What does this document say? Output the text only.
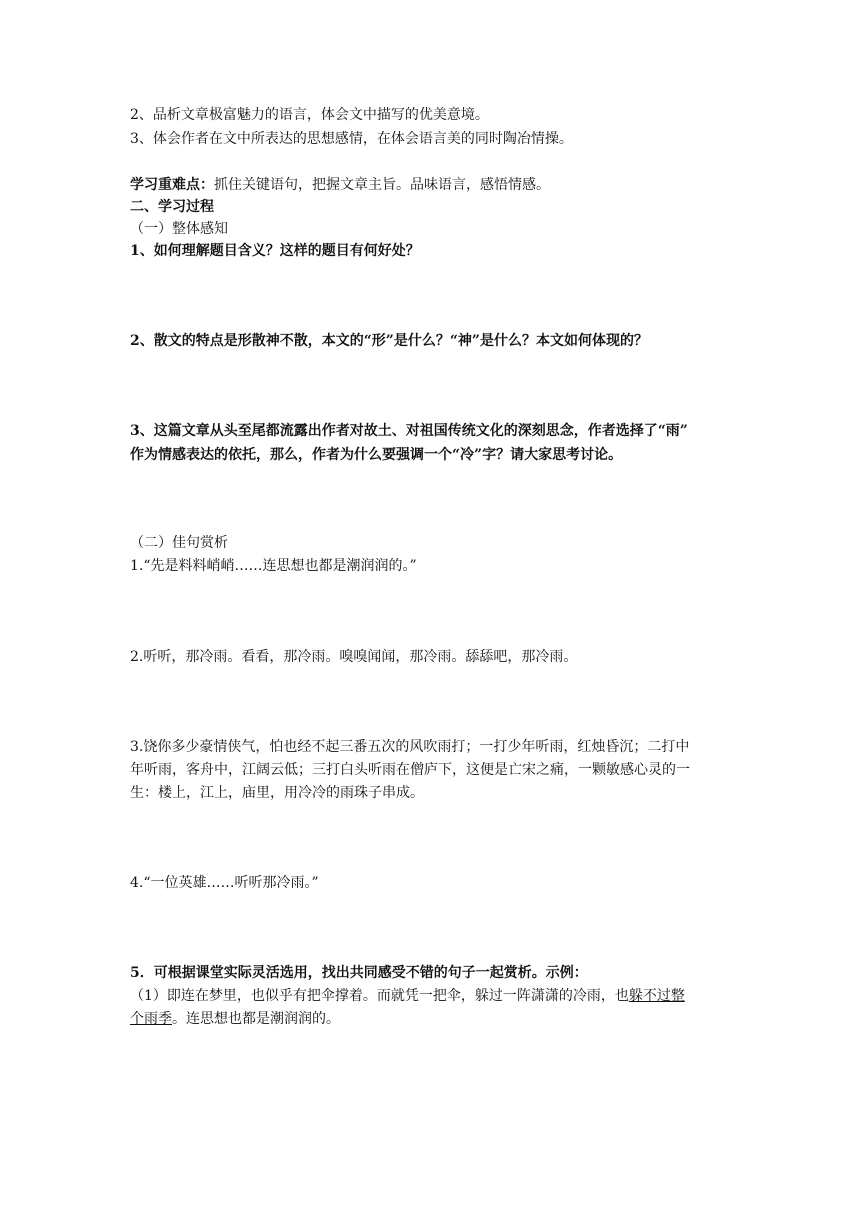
2、品析文章极富魅力的语言，体会文中描写的优美意境。
3、体会作者在文中所表达的思想感情，在体会语言美的同时陶冶情操。
学习重难点：抓住关键语句，把握文章主旨。品味语言，感悟情感。
二、学习过程
（一）整体感知
1、如何理解题目含义？这样的题目有何好处？
2、散文的特点是形散神不散，本文的“形”是什么？“神”是什么？本文如何体现的？
3、这篇文章从头至尾都流露出作者对故土、对祖国传统文化的深刻思念，作者选择了“雨”
作为情感表达的依托，那么，作者为什么要强调一个“冷”字？请大家思考讨论。
（二）佳句赏析
1.“先是料料峭峭……连思想也都是潮润润的。”
2.听听，那冷雨。看看，那冷雨。嗅嗅闻闻，那冷雨。舔舔吧，那冷雨。
3.饶你多少豪情侠气，怕也经不起三番五次的风吹雨打；一打少年听雨，红烛昏沉；二打中
年听雨，客舟中，江阔云低；三打白头听雨在僧庐下，这便是亡宋之痛，一颗敏感心灵的一
生：楼上，江上，庙里，用冷冷的雨珠子串成。
4.“一位英雄……听听那冷雨。”
5．可根据课堂实际灵活选用，找出共同感受不错的句子一起赏析。示例：
（1）即连在梦里，也似乎有把伞撑着。而就凭一把伞，躲过一阵潇潇的冷雨，也躲不过整
个雨季。连思想也都是潮润润的。
